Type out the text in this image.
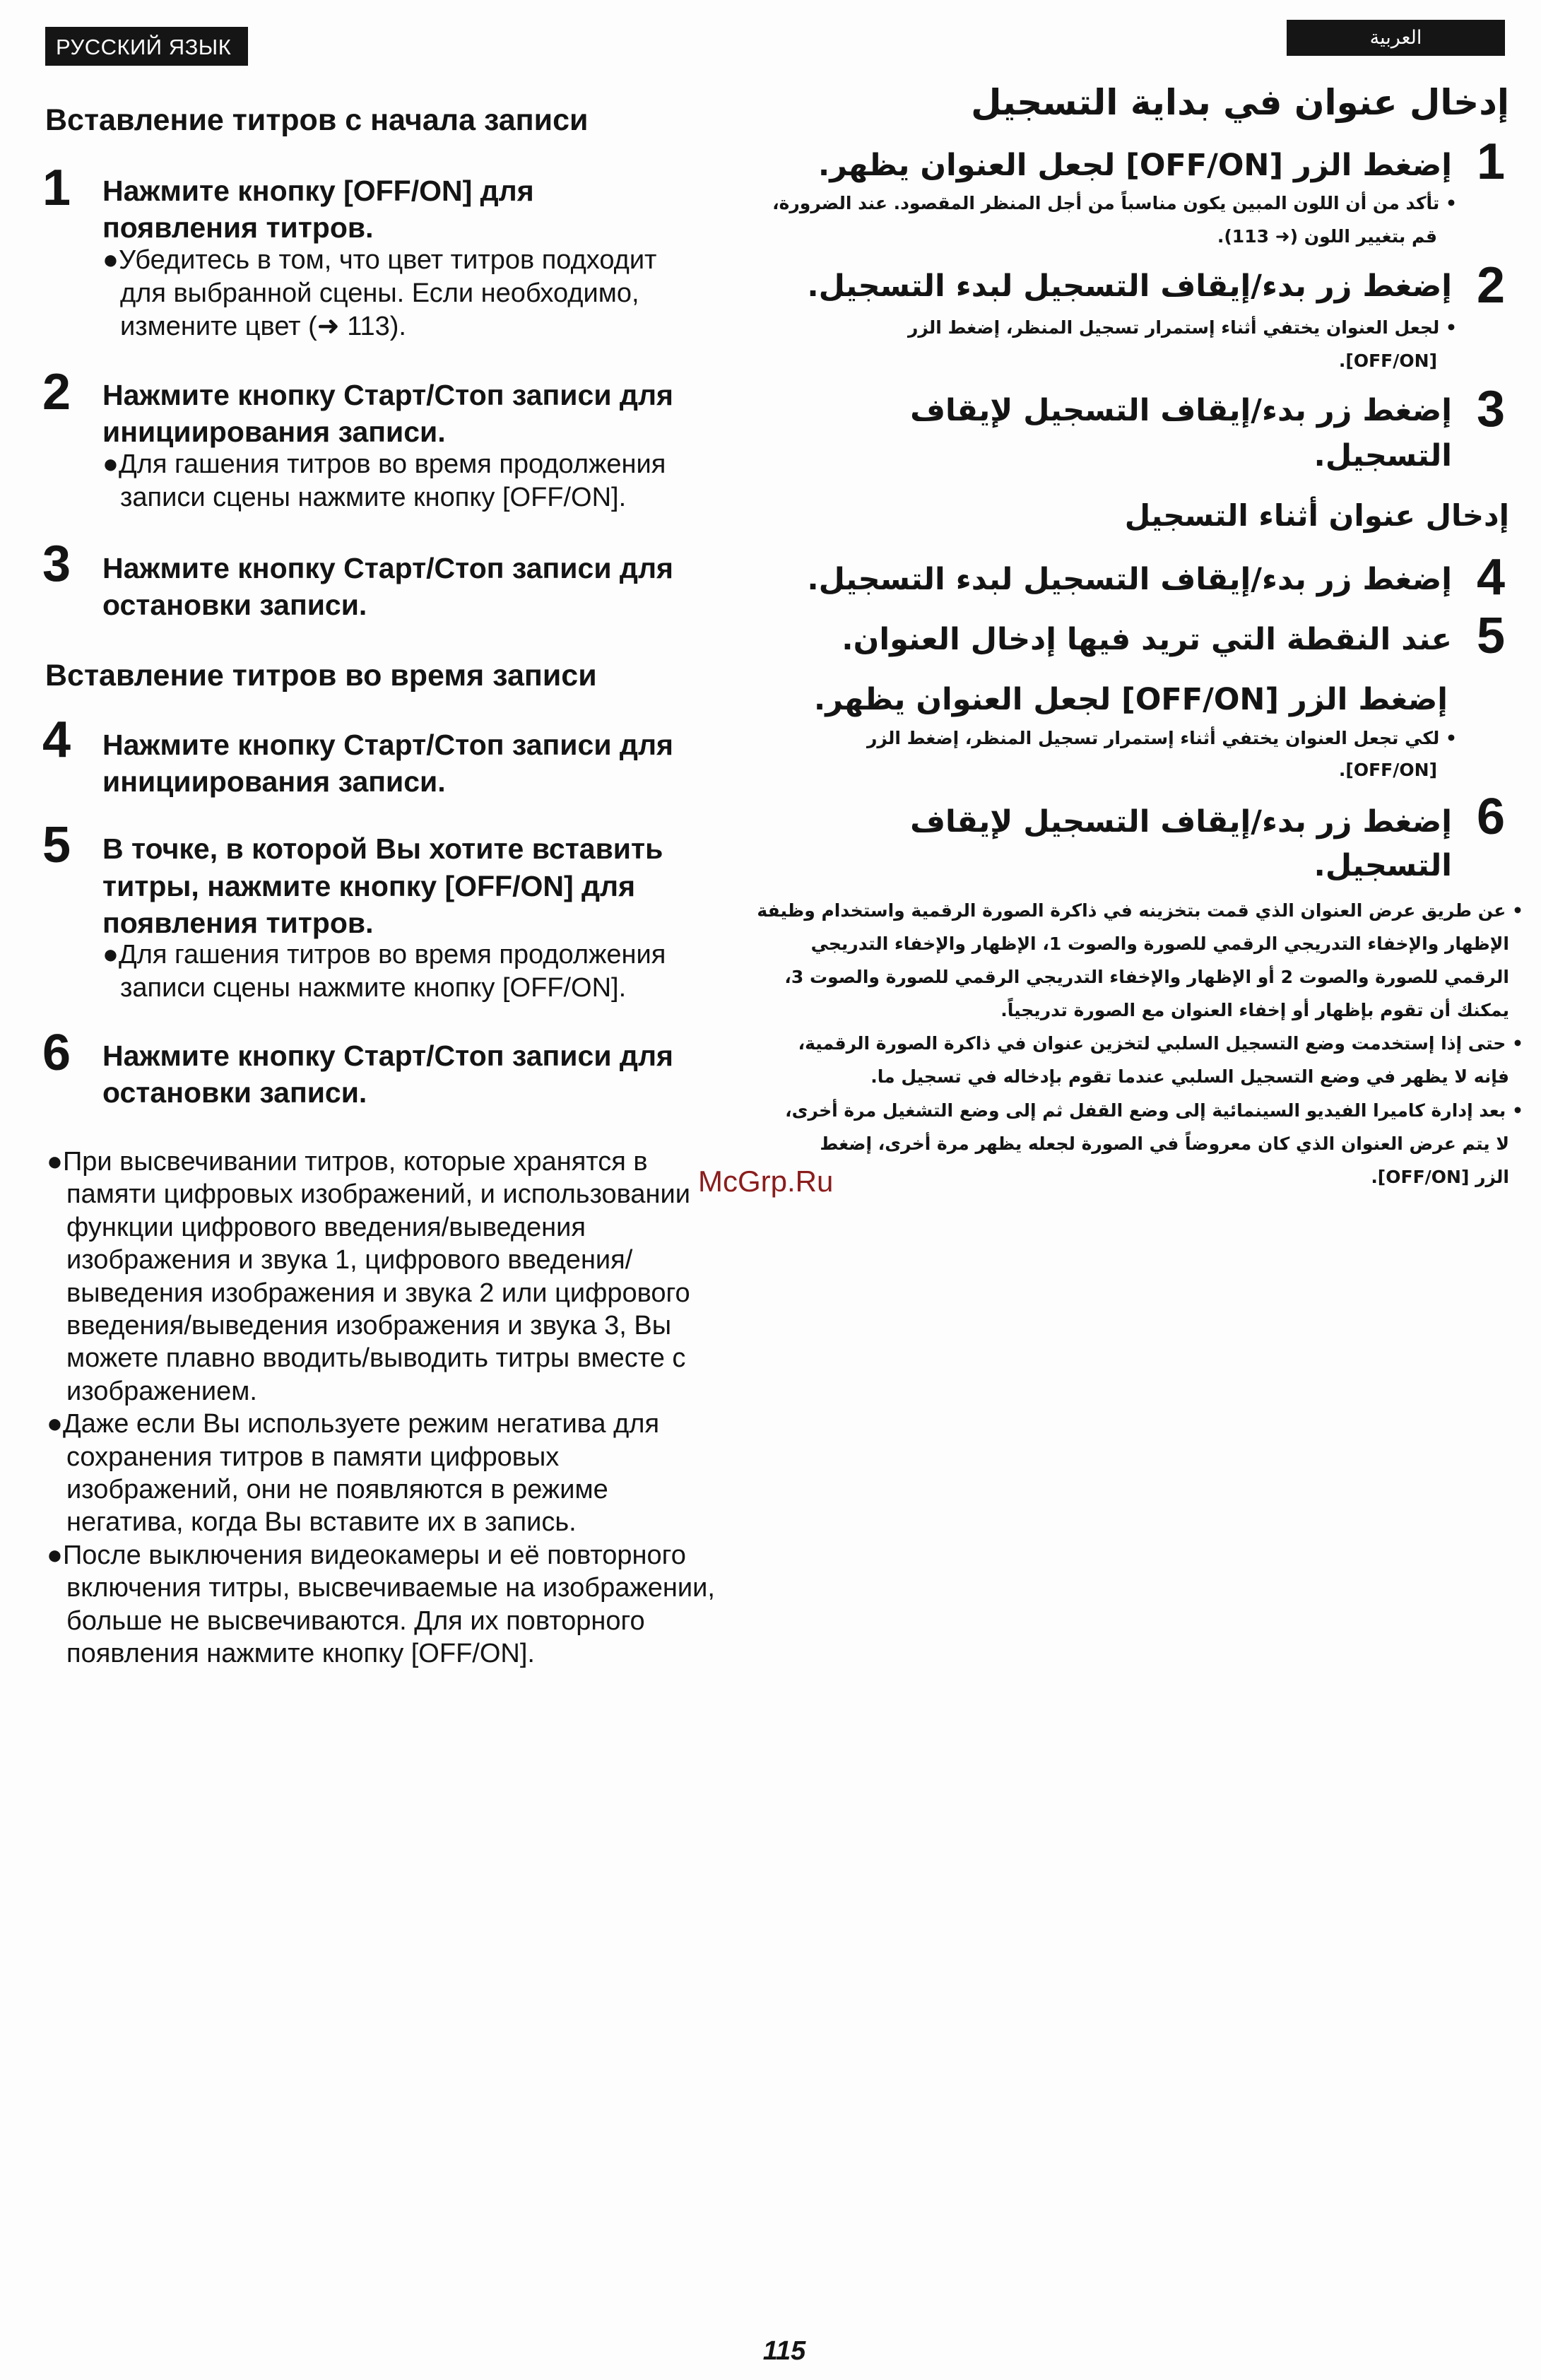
РУССКИЙ ЯЗЫК
Вставление титров с начала записи
1 Нажмите кнопку [OFF/ON] для
появления титров.
●Убедитесь в том, что цвет титров подходит
для выбранной сцены. Если необходимо,
измените цвет (➜ 113).
2 Нажмите кнопку Старт/Стоп записи для
инициирования записи.
●Для гашения титров во время продолжения
записи сцены нажмите кнопку [OFF/ON].
3 Нажмите кнопку Старт/Стоп записи для
остановки записи.
Вставление титров во время записи
4 Нажмите кнопку Старт/Стоп записи для
инициирования записи.
5 В точке, в которой Вы хотите вставить
титры, нажмите кнопку [OFF/ON] для
появления титров.
●Для гашения титров во время продолжения
записи сцены нажмите кнопку [OFF/ON].
6 Нажмите кнопку Старт/Стоп записи для
остановки записи.
●При высвечивании титров, которые хранятся в
памяти цифровых изображений, и использовании
функции цифрового введения/выведения
изображения и звука 1, цифрового введения/
выведения изображения и звука 2 или цифрового
введения/выведения изображения и звука 3, Вы
можете плавно вводить/выводить титры вместе с
изображением.
●Даже если Вы используете режим негатива для
сохранения титров в памяти цифровых
изображений, они не появляются в режиме
негатива, когда Вы вставите их в запись.
●После выключения видеокамеры и её повторного
включения титры, высвечиваемые на изображении,
больше не высвечиваются. Для их повторного
появления нажмите кнопку [OFF/ON].
العربية
إدخال عنوان في بداية التسجيل
1
إضغط الزر [OFF/ON] لجعل العنوان يظهر.
• تأكد من أن اللون المبين يكون مناسباً من أجل المنظر المقصود. عند الضرورة،
قم بتغيير اللون (➜ 113).
2
إضغط زر بدء/إيقاف التسجيل لبدء التسجيل.
• لجعل العنوان يختفي أثناء إستمرار تسجيل المنظر، إضغط الزر
[OFF/ON].
3
إضغط زر بدء/إيقاف التسجيل لإيقاف
التسجيل.
إدخال عنوان أثناء التسجيل
4
إضغط زر بدء/إيقاف التسجيل لبدء التسجيل.
5
عند النقطة التي تريد فيها إدخال العنوان.
إضغط الزر [OFF/ON] لجعل العنوان يظهر.
• لكي تجعل العنوان يختفي أثناء إستمرار تسجيل المنظر، إضغط الزر
[OFF/ON].
6
إضغط زر بدء/إيقاف التسجيل لإيقاف
التسجيل.
• عن طريق عرض العنوان الذي قمت بتخزينه في ذاكرة الصورة الرقمية واستخدام وظيفة
الإظهار والإخفاء التدريجي الرقمي للصورة والصوت 1، الإظهار والإخفاء التدريجي
الرقمي للصورة والصوت 2 أو الإظهار والإخفاء التدريجي الرقمي للصورة والصوت 3،
يمكنك أن تقوم بإظهار أو إخفاء العنوان مع الصورة تدريجياً.
• حتى إذا إستخدمت وضع التسجيل السلبي لتخزين عنوان في ذاكرة الصورة الرقمية،
فإنه لا يظهر في وضع التسجيل السلبي عندما تقوم بإدخاله في تسجيل ما.
• بعد إدارة كاميرا الفيديو السينمائية إلى وضع القفل ثم إلى وضع التشغيل مرة أخرى،
لا يتم عرض العنوان الذي كان معروضاً في الصورة لجعله يظهر مرة أخرى، إضغط
الزر [OFF/ON].
McGrp.Ru
115
